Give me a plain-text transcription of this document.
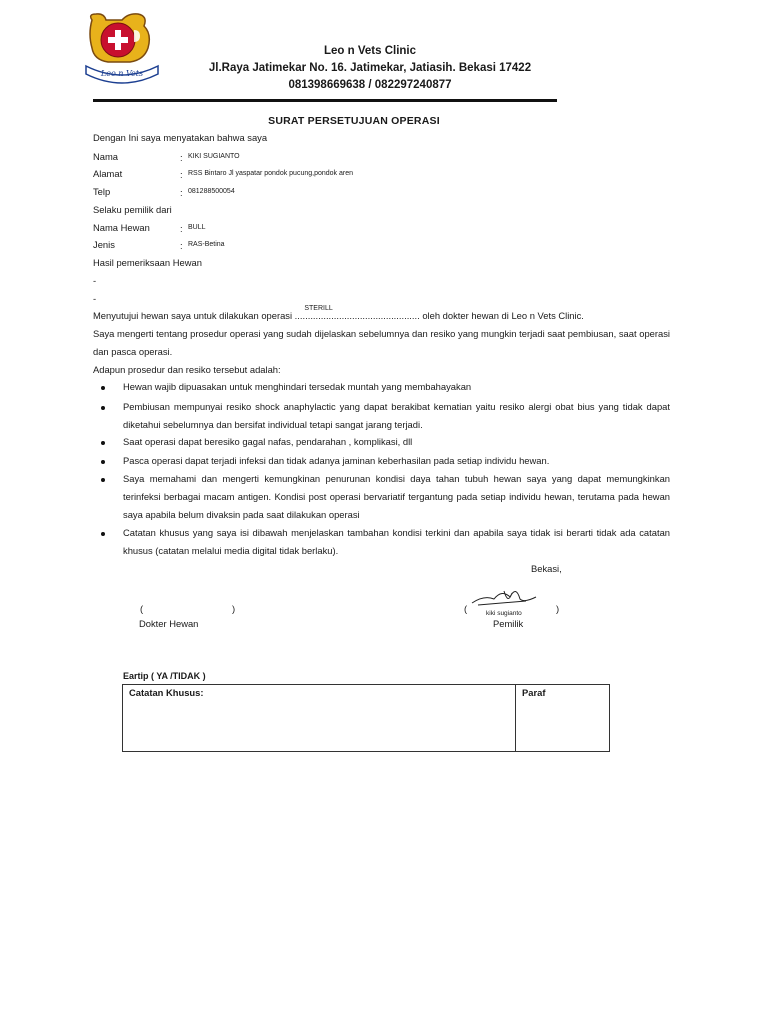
Leo n Vets
Leo n Vets Clinic
Jl.Raya Jatimekar No. 16. Jatimekar, Jatiasih. Bekasi 17422
081398669638 / 082297240877
SURAT PERSETUJUAN OPERASI
Dengan Ini saya menyatakan bahwa saya
Nama	: KIKI SUGIANTO
Alamat	: RSS Bintaro Jl yaspatar pondok pucung,pondok aren
Telp	: 081288500054
Selaku pemilik dari
Nama Hewan	: BULL
Jenis	: RAS-Betina
Hasil pemeriksaan Hewan
-
-
Menyutujui hewan saya untuk dilakukan operasi ......
STERILL
.......................................... oleh dokter hewan di Leo n Vets Clinic.
Saya mengerti tentang prosedur operasi yang sudah dijelaskan sebelumnya dan resiko yang mungkin terjadi saat pembiusan, saat operasi
dan pasca operasi.
Adapun prosedur dan resiko tersebut adalah:
Hewan wajib dipuasakan untuk menghindari tersedak muntah yang membahayakan
Pembiusan mempunyai resiko shock anaphylactic yang dapat berakibat kematian yaitu resiko alergi obat bius yang tidak dapat
diketahui sebelumnya dan bersifat individual tetapi sangat jarang terjadi.
Saat operasi dapat beresiko gagal nafas, pendarahan , komplikasi, dll
Pasca operasi dapat terjadi infeksi dan tidak adanya jaminan keberhasilan pada setiap individu hewan.
Saya memahami dan mengerti kemungkinan penurunan kondisi daya tahan tubuh hewan saya yang dapat memungkinkan
terinfeksi berbagai macam antigen. Kondisi post operasi bervariatif tergantung pada setiap individu hewan, terutama pada hewan
saya apabila belum divaksin pada saat dilakukan operasi
Catatan khusus yang saya isi dibawah menjelaskan tambahan kondisi terkini dan apabila saya tidak isi berarti tidak ada catatan
khusus (catatan melalui media digital tidak berlaku).
Bekasi,
(	)
Dokter Hewan
(	)
kiki sugianto
Pemilik
Eartip ( YA /TIDAK )
Catatan Khusus:	Paraf
